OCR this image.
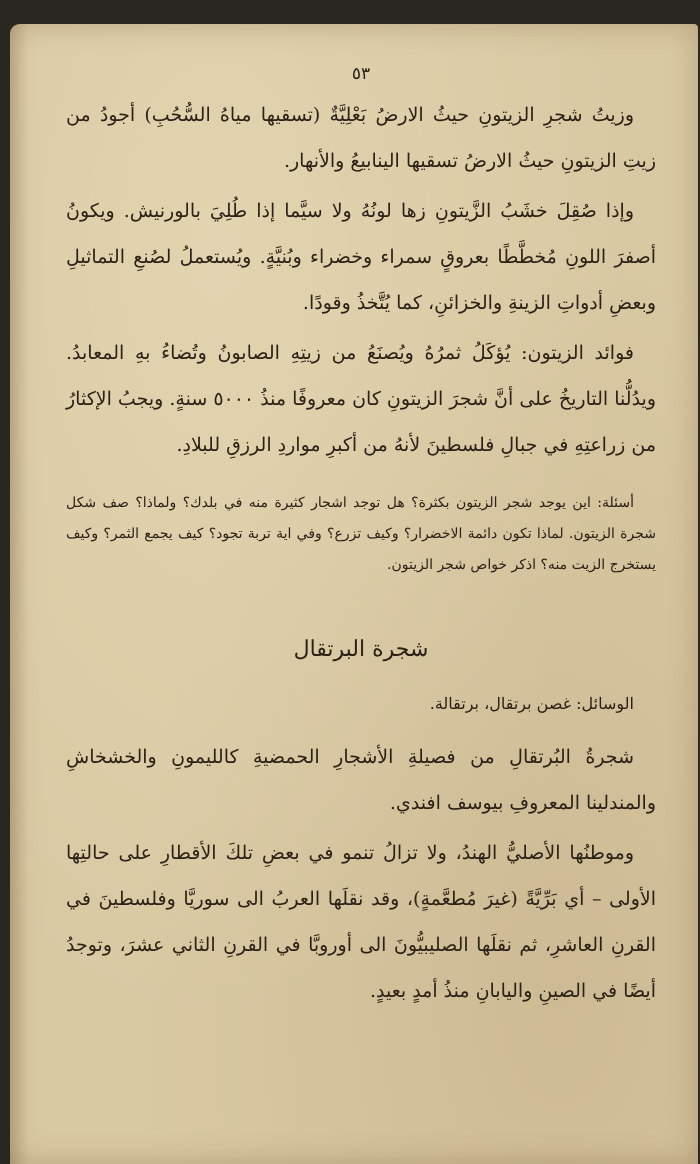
٥٣

وزيتُ شجرِ الزيتونِ حيثُ الارضُ بَعْلِيَّةٌ (تسقيها مياهُ السُّحُبِ) أجودُ من زيتِ الزيتونِ حيثُ الارضُ تسقيها الينابيعُ والأنهار.

وإذا صُقِلَ خشَبُ الزَّيتونِ زها لونُهُ ولا سيَّما إذا طُلِيَ بالورنيش. ويكونُ أصفرَ اللونِ مُخطَّطًا بعروقٍ سمراء وخضراء وبُنيَّةٍ. ويُستعملُ لصُنعِ التماثيلِ وبعضِ أدواتِ الزينةِ والخزائنِ، كما يُتَّخذُ وقودًا.

فوائد الزيتون: يُؤكَلُ ثمرُهُ ويُصنَعُ من زيتِهِ الصابونُ وتُضاءُ بهِ المعابدُ. ويدُلُّنا التاريخُ على أنَّ شجرَ الزيتونِ كان معروفًا منذُ ٥٠٠٠ سنةٍ. ويجبُ الإكثارُ من زراعتِهِ في جبالِ فلسطينَ لأنهُ من أكبرِ مواردِ الرزقِ للبلادِ.

أسئلة: اين يوجد شجر الزيتون بكثرة؟ هل توجد اشجار كثيرة منه في بلدك؟ ولماذا؟ صف شكل شجرة الزيتون. لماذا تكون دائمة الاخضرار؟ وكيف تزرع؟ وفي اية تربة تجود؟ كيف يجمع الثمر؟ وكيف يستخرج الزيت منه؟ اذكر خواص شجر الزيتون.

شجرة البرتقال

الوسائل: غصن برتقال، برتقالة.

شجرةُ البُرتقالِ من فصيلةِ الأشجارِ الحمضيةِ كالليمونِ والخشخاشِ والمندلينا المعروفِ بيوسف افندي.

وموطنُها الأصليُّ الهندُ، ولا تزالُ تنمو في بعضِ تلكَ الأقطارِ على حالتِها الأولى – أي بَرِّيَّةً (غيرَ مُطعَّمةٍ)، وقد نقلَها العربُ الى سوريَّا وفلسطينَ في القرنِ العاشرِ، ثم نقلَها الصليبيُّونَ الى أوروبَّا في القرنِ الثاني عشرَ، وتوجدُ أيضًا في الصينِ واليابانِ منذُ أمدٍ بعيدٍ.
